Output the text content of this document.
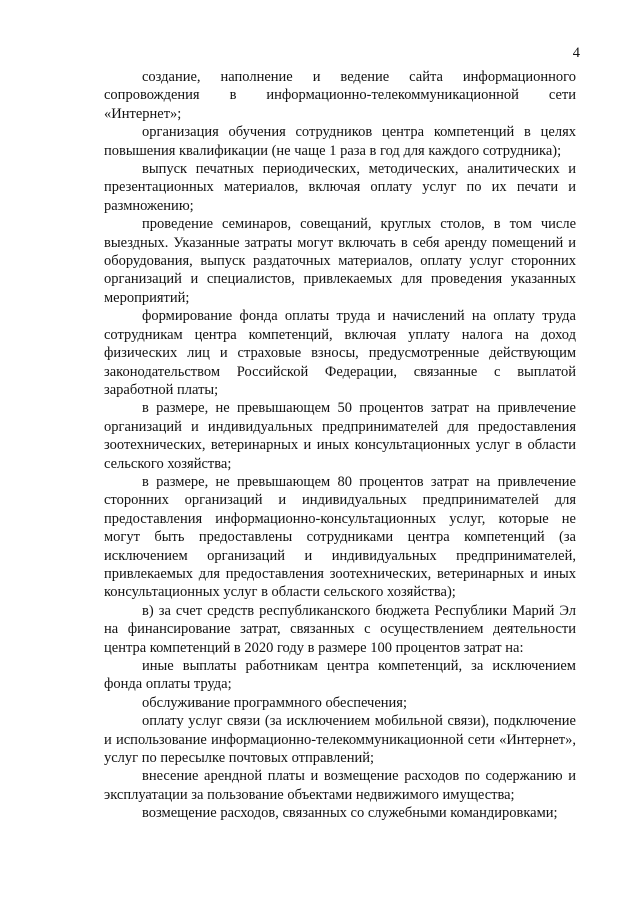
4

создание, наполнение и ведение сайта информационного сопровождения в информационно-телекоммуникационной сети «Интернет»;

организация обучения сотрудников центра компетенций в целях повышения квалификации (не чаще 1 раза в год для каждого сотрудника);

выпуск печатных периодических, методических, аналитических и презентационных материалов, включая оплату услуг по их печати и размножению;

проведение семинаров, совещаний, круглых столов, в том числе выездных. Указанные затраты могут включать в себя аренду помещений и оборудования, выпуск раздаточных материалов, оплату услуг сторонних организаций и специалистов, привлекаемых для проведения указанных мероприятий;

формирование фонда оплаты труда и начислений на оплату труда сотрудникам центра компетенций, включая уплату налога на доход физических лиц и страховые взносы, предусмотренные действующим законодательством Российской Федерации, связанные с выплатой заработной платы;

в размере, не превышающем 50 процентов затрат на привлечение организаций и индивидуальных предпринимателей для предоставления зоотехнических, ветеринарных и иных консультационных услуг в области сельского хозяйства;

в размере, не превышающем 80 процентов затрат на привлечение сторонних организаций и индивидуальных предпринимателей для предоставления информационно-консультационных услуг, которые не могут быть предоставлены сотрудниками центра компетенций (за исключением организаций и индивидуальных предпринимателей, привлекаемых для предоставления зоотехнических, ветеринарных и иных консультационных услуг в области сельского хозяйства);

в) за счет средств республиканского бюджета Республики Марий Эл на финансирование затрат, связанных с осуществлением деятельности центра компетенций в 2020 году в размере 100 процентов затрат на:

иные выплаты работникам центра компетенций, за исключением фонда оплаты труда;

обслуживание программного обеспечения;

оплату услуг связи (за исключением мобильной связи), подключение и использование информационно-телекоммуникационной сети «Интернет», услуг по пересылке почтовых отправлений;

внесение арендной платы и возмещение расходов по содержанию и эксплуатации за пользование объектами недвижимого имущества;

возмещение расходов, связанных со служебными командировками;
